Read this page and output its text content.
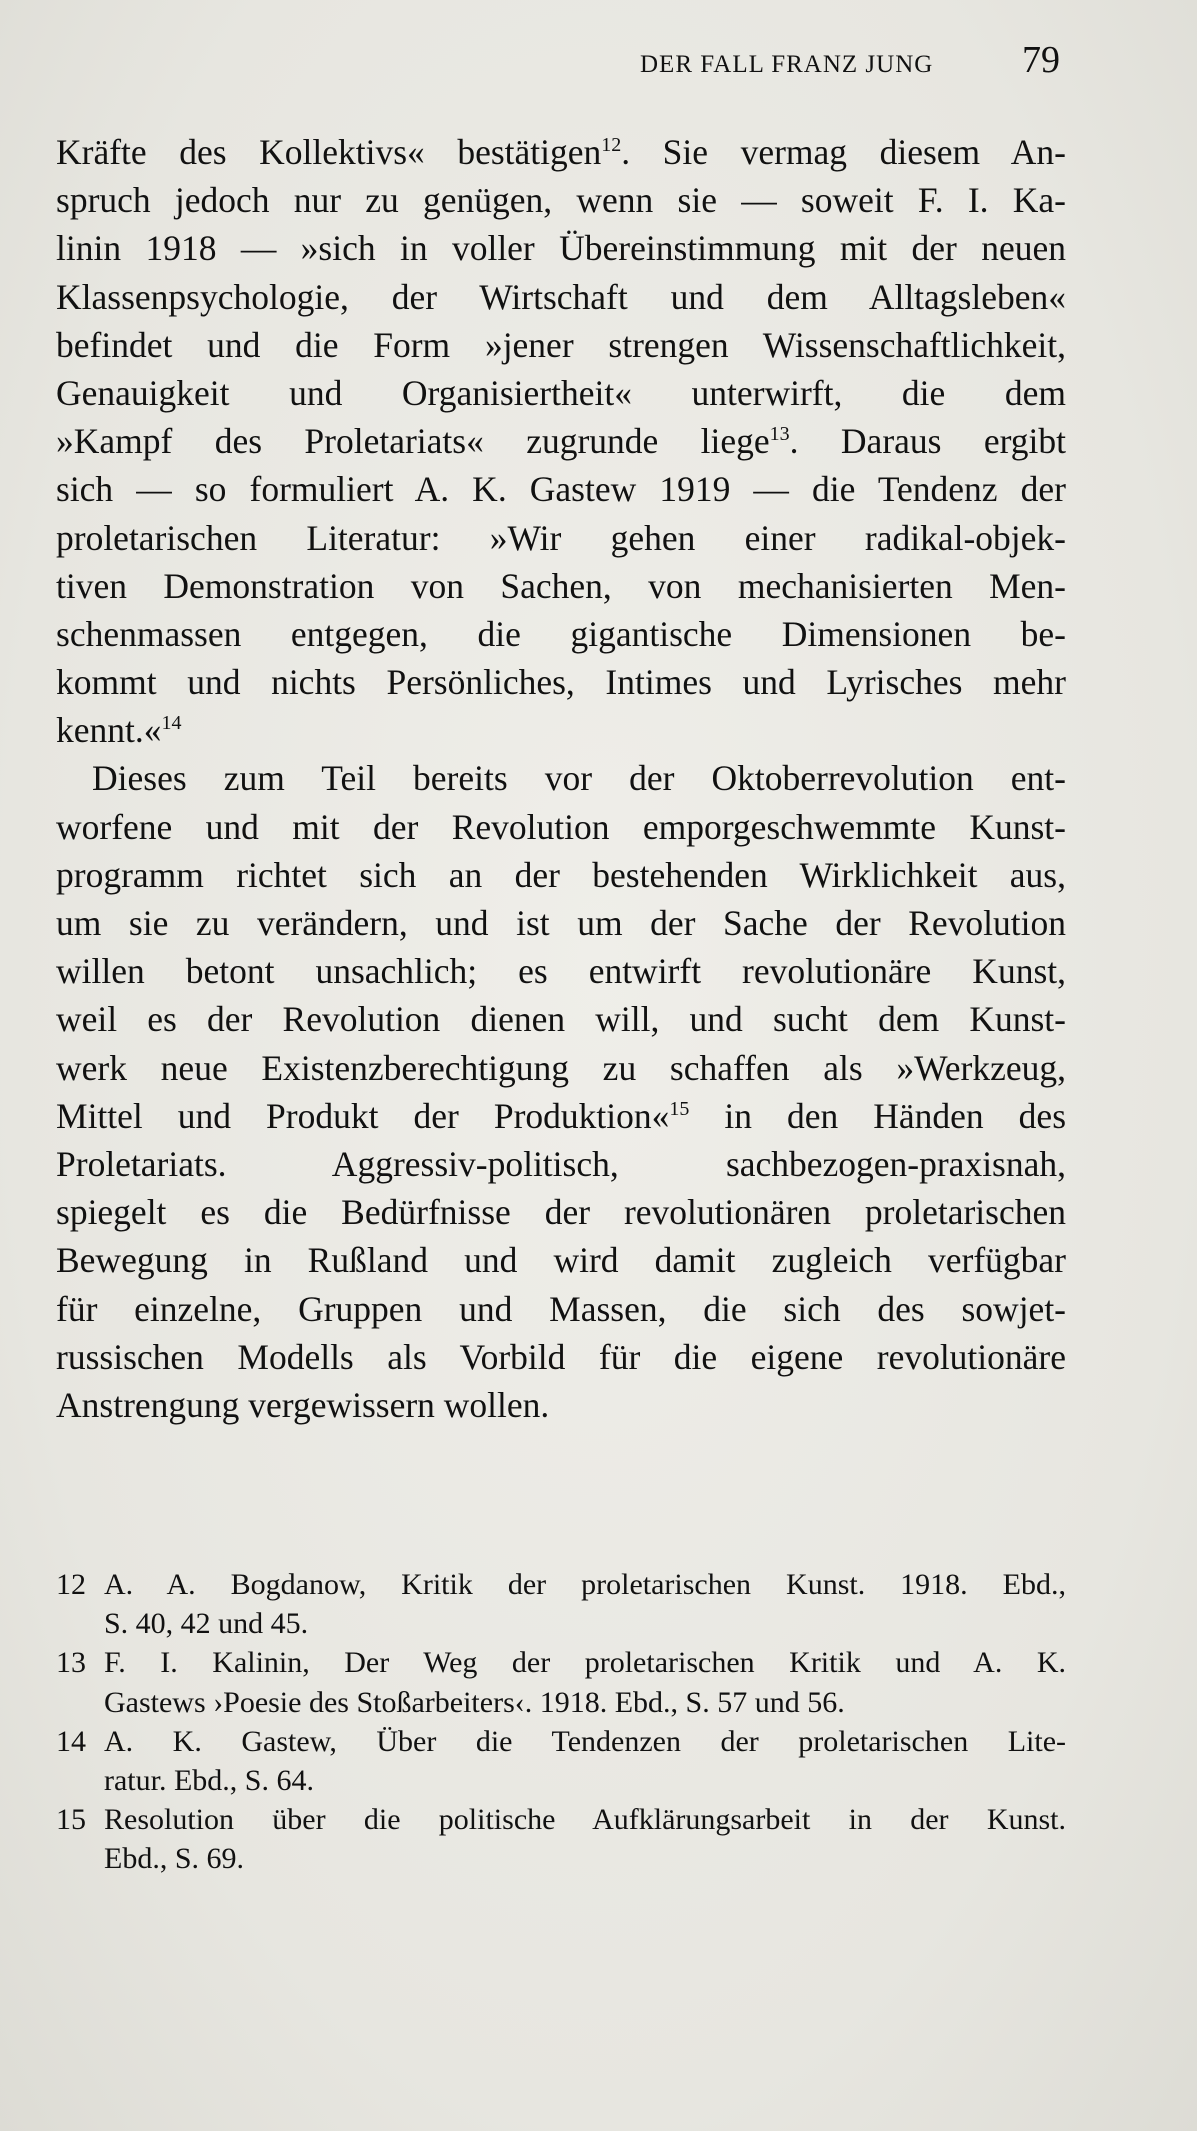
DER FALL FRANZ JUNG 79
Kräfte des Kollektivs« bestätigen$^{12}$. Sie vermag diesem An-
spruch jedoch nur zu genügen, wenn sie — soweit F. I. Ka-
linin 1918 — »sich in voller Übereinstimmung mit der neuen
Klassenpsychologie, der Wirtschaft und dem Alltagsleben«
befindet und die Form »jener strengen Wissenschaftlichkeit,
Genauigkeit und Organisiertheit« unterwirft, die dem
»Kampf des Proletariats« zugrunde liege$^{13}$. Daraus ergibt
sich — so formuliert A. K. Gastew 1919 — die Tendenz der
proletarischen Literatur: »Wir gehen einer radikal-objek-
tiven Demonstration von Sachen, von mechanisierten Men-
schenmassen entgegen, die gigantische Dimensionen be-
kommt und nichts Persönliches, Intimes und Lyrisches mehr
kennt.«$^{14}$
Dieses zum Teil bereits vor der Oktoberrevolution ent-
worfene und mit der Revolution emporgeschwemmte Kunst-
programm richtet sich an der bestehenden Wirklichkeit aus,
um sie zu verändern, und ist um der Sache der Revolution
willen betont unsachlich; es entwirft revolutionäre Kunst,
weil es der Revolution dienen will, und sucht dem Kunst-
werk neue Existenzberechtigung zu schaffen als »Werkzeug,
Mittel und Produkt der Produktion«$^{15}$ in den Händen des
Proletariats. Aggressiv-politisch, sachbezogen-praxisnah,
spiegelt es die Bedürfnisse der revolutionären proletarischen
Bewegung in Rußland und wird damit zugleich verfügbar
für einzelne, Gruppen und Massen, die sich des sowjet-
russischen Modells als Vorbild für die eigene revolutionäre
Anstrengung vergewissern wollen.
12 A. A. Bogdanow, Kritik der proletarischen Kunst. 1918. Ebd.,
S. 40, 42 und 45.
13 F. I. Kalinin, Der Weg der proletarischen Kritik und A. K.
Gastews ›Poesie des Stoßarbeiters‹. 1918. Ebd., S. 57 und 56.
14 A. K. Gastew, Über die Tendenzen der proletarischen Lite-
ratur. Ebd., S. 64.
15 Resolution über die politische Aufklärungsarbeit in der Kunst.
Ebd., S. 69.
